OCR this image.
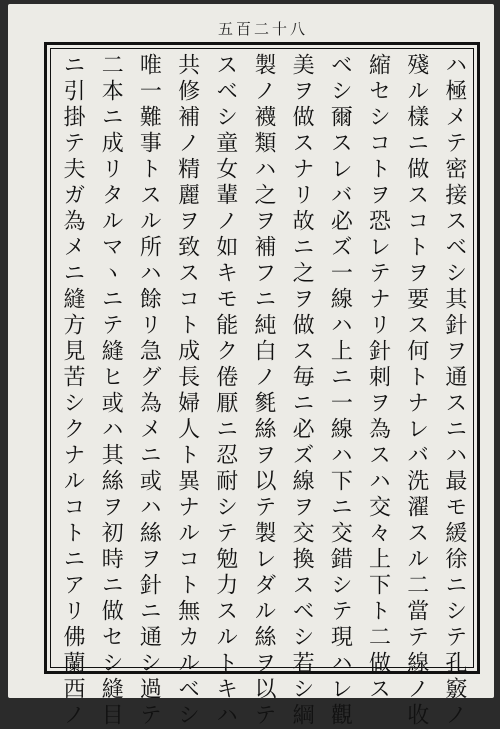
五百二十八
ハ極メテ密接スベシ其針ヲ通スニハ最モ緩徐ニシテ孔竅ノ
殘ル樣ニ做スコトヲ要ス何トナレバ洗濯スル二當テ線ノ收
縮セシコトヲ恐レテナリ針刺ヲ為スハ交々上下ト二做ス
ベシ爾スレバ必ズ一線ハ上ニ一線ハ下ニ交錯シテ現ハレ觀
美ヲ做スナリ故ニ之ヲ做ス毎ニ必ズ線ヲ交換スベシ若シ綱
製ノ襪類ハ之ヲ補フニ純白ノ毿絲ヲ以テ製レダル絲ヲ以テ
スベシ童女輩ノ如キモ能ク倦厭ニ忍耐シテ勉力スルトキハ
共修補ノ精麗ヲ致スコト成長婦人ト異ナルコト無カルベシ
唯一難事トスル所ハ餘リ急グ為メニ或ハ絲ヲ針ニ通シ過テ
二本ニ成リタルマヽニテ縫ヒ或ハ其絲ヲ初時ニ做セシ縫目
ニ引掛テ夫ガ為メニ縫方見苦シクナルコトニアリ佛蘭西ノ
